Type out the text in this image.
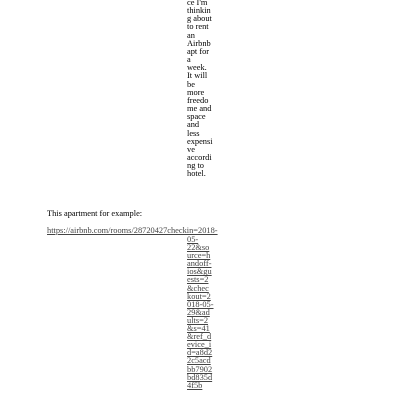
ce I'm
thinkin
g about
to rent
an
Airbnb
apt for
a
week.
It will
be
more
freedo
me and
space
and
less
expensi
ve
accordi
ng to
hotel.
This apartment for example:
https://airbnb.com/rooms/28720427checkin=2018-
05-
22&so
urce=h
andoff-
ios&gu
ests=2
&chec
kout=2
018-05-
29&ad
ults=2
&s=41
&ref_d
evice_i
d=a8d2
2c5acd
bb7902
bd835d
4f5b
